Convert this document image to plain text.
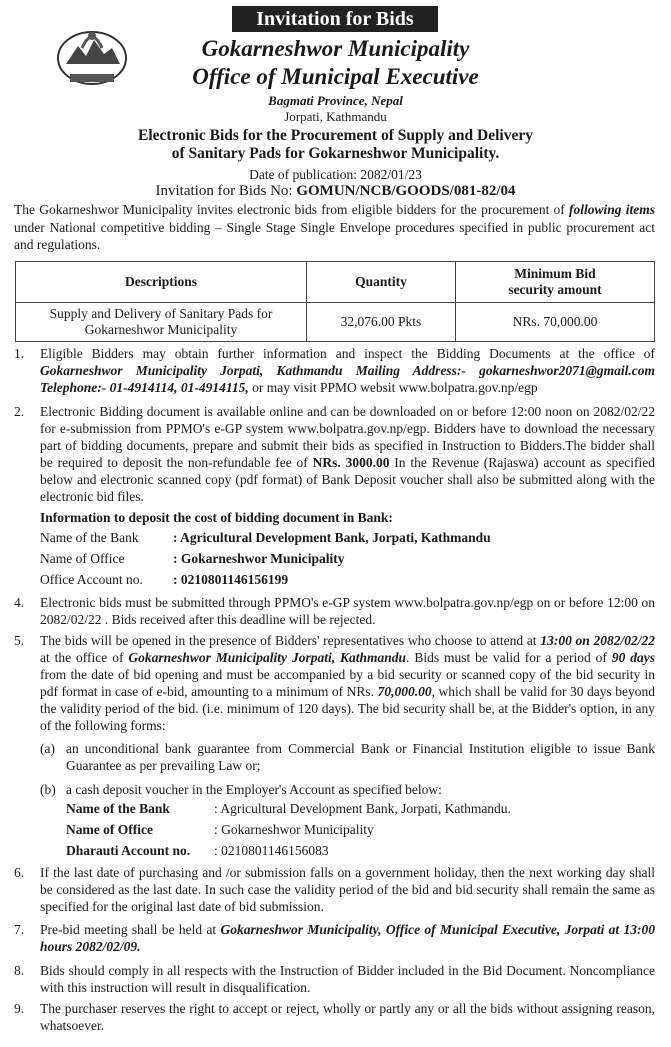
Invitation for Bids
Gokarneshwor Municipality
Office of Municipal Executive
Bagmati Province, Nepal
Jorpati, Kathmandu
Electronic Bids for the Procurement of Supply and Delivery
of Sanitary Pads for Gokarneshwor Municipality.
Date of publication: 2082/01/23
Invitation for Bids No: GOMUN/NCB/GOODS/081-82/04
The Gokarneshwor Municipality invites electronic bids from eligible bidders for the procurement of following items under National competitive bidding – Single Stage Single Envelope procedures specified in public procurement act and regulations.
Descriptions	Quantity	Minimum Bid security amount

Supply and Delivery of Sanitary Pads for Gokarneshwor Municipality	32,076.00 Pkts	NRs. 70,000.00
1.	Eligible Bidders may obtain further information and inspect the Bidding Documents at the office of Gokarneshwor Municipality Jorpati, Kathmandu Mailing Address:- gokarneshwor2071@gmail.com Telephone:- 01-4914114, 01-4914115, or may visit PPMO websit www.bolpatra.gov.np/egp
2.	Electronic Bidding document is available online and can be downloaded on or before 12:00 noon on 2082/02/22 for e-submission from PPMO's e-GP system www.bolpatra.gov.np/egp. Bidders have to download the necessary part of bidding documents, prepare and submit their bids as specified in Instruction to Bidders.The bidder shall be required to deposit the non-refundable fee of NRs. 3000.00 In the Revenue (Rajaswa) account as specified below and electronic scanned copy (pdf format) of Bank Deposit voucher shall also be submitted along with the electronic bid files.
Information to deposit the cost of bidding document in Bank:
Name of the Bank	: Agricultural Development Bank, Jorpati, Kathmandu
Name of Office	: Gokarneshwor Municipality
Office Account no.	: 0210801146156199
4.	Electronic bids must be submitted through PPMO's e-GP system www.bolpatra.gov.np/egp on or before 12:00 on 2082/02/22 . Bids received after this deadline will be rejected.
5.	The bids will be opened in the presence of Bidders' representatives who choose to attend at 13:00 on 2082/02/22 at the office of Gokarneshwor Municipality Jorpati, Kathmandu. Bids must be valid for a period of 90 days from the date of bid opening and must be accompanied by a bid security or scanned copy of the bid security in pdf format in case of e-bid, amounting to a minimum of NRs. 70,000.00, which shall be valid for 30 days beyond the validity period of the bid. (i.e. minimum of 120 days). The bid security shall be, at the Bidder's option, in any of the following forms:
(a) an unconditional bank guarantee from Commercial Bank or Financial Institution eligible to issue Bank Guarantee as per prevailing Law or;
(b) a cash deposit voucher in the Employer's Account as specified below:
Name of the Bank	: Agricultural Development Bank, Jorpati, Kathmandu.
Name of Office	: Gokarneshwor Municipality
Dharauti Account no.	: 0210801146156083
6.	If the last date of purchasing and /or submission falls on a government holiday, then the next working day shall be considered as the last date. In such case the validity period of the bid and bid security shall remain the same as specified for the original last date of bid submission.
7.	Pre-bid meeting shall be held at Gokarneshwor Municipality, Office of Municipal Executive, Jorpati at 13:00 hours 2082/02/09.
8.	Bids should comply in all respects with the Instruction of Bidder included in the Bid Document. Noncompliance with this instruction will result in disqualification.
9.	The purchaser reserves the right to accept or reject, wholly or partly any or all the bids without assigning reason, whatsoever.
